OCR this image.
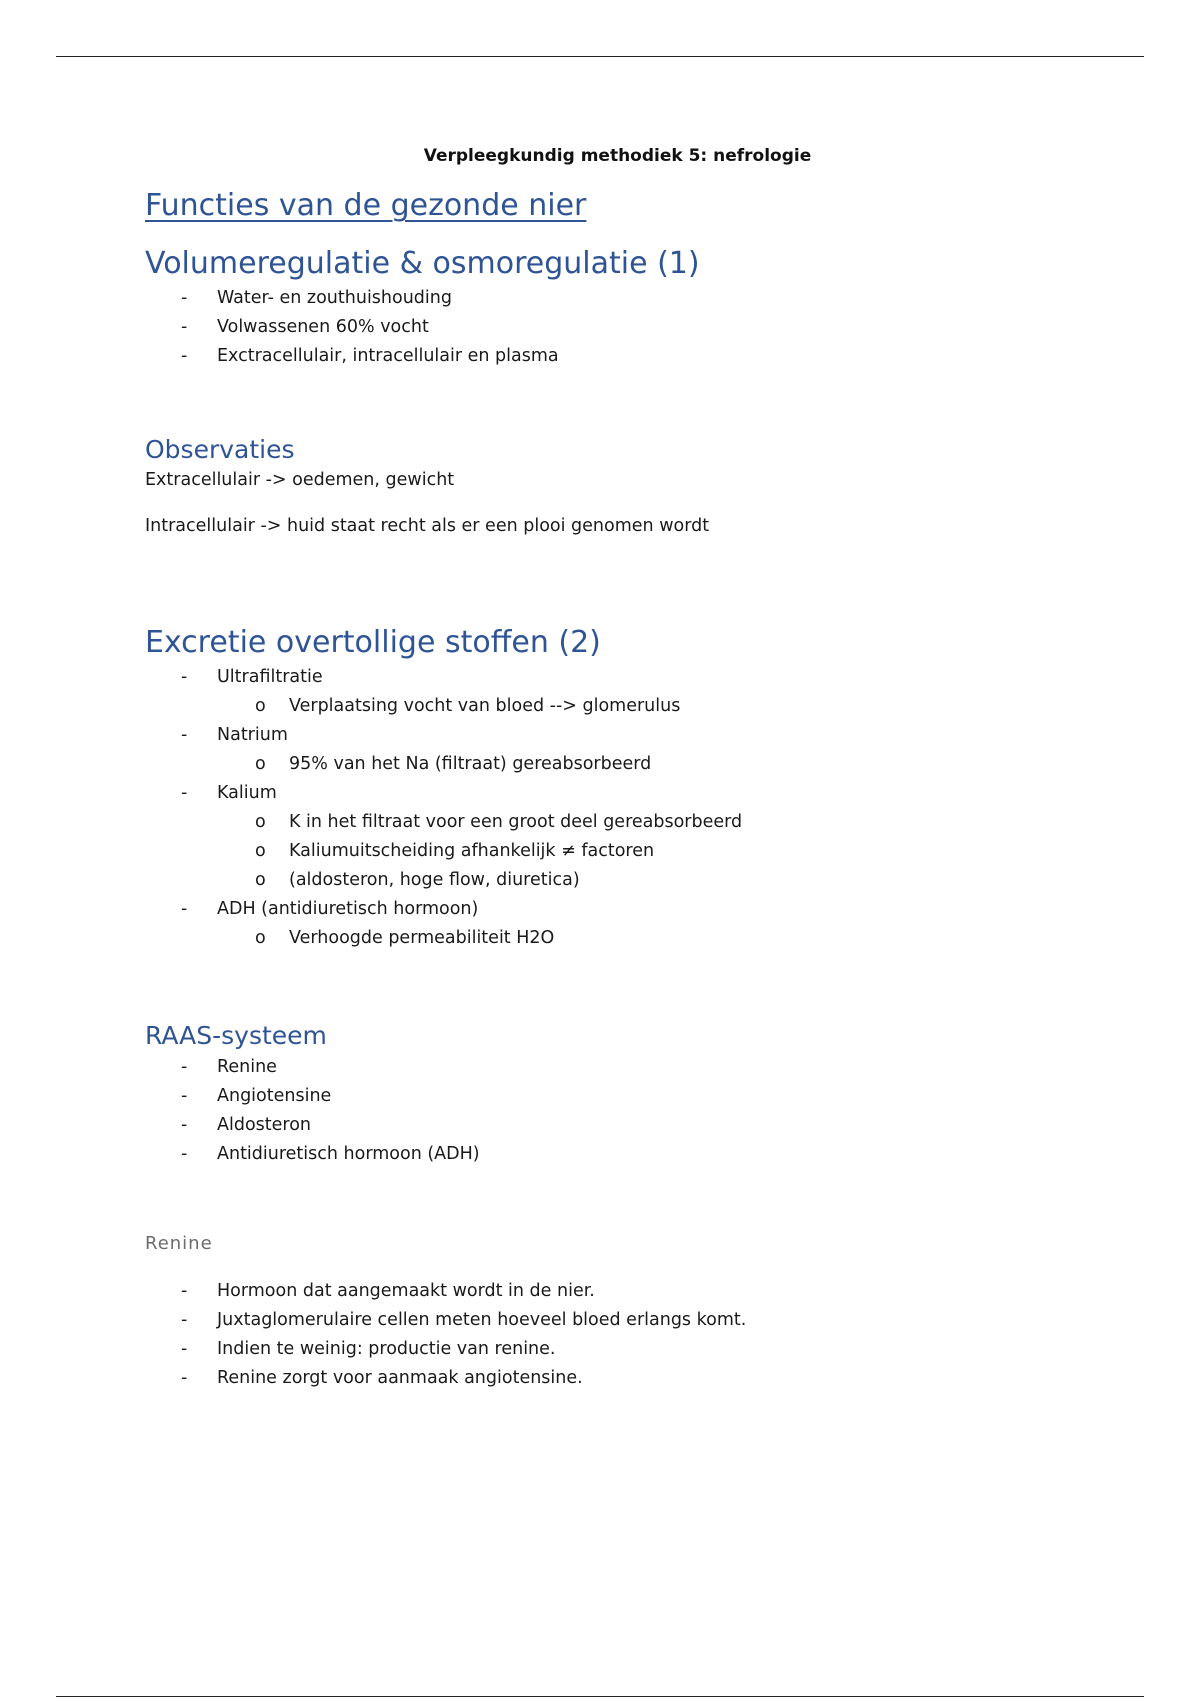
Verpleegkundig methodiek 5: nefrologie
Functies van de gezonde nier
Volumeregulatie & osmoregulatie (1)
- Water- en zouthuishouding
- Volwassenen 60% vocht
- Exctracellulair, intracellulair en plasma
Observaties

Extracellulair -> oedemen, gewicht

Intracellulair -> huid staat recht als er een plooi genomen wordt

Excretie overtollige stoffen (2)
- Ultrafiltratie
o Verplaatsing vocht van bloed --> glomerulus
- Natrium
o 95% van het Na (filtraat) gereabsorbeerd
- Kalium
o K in het filtraat voor een groot deel gereabsorbeerd
o Kaliumuitscheiding afhankelijk ≠ factoren
o (aldosteron, hoge flow, diuretica)
- ADH (antidiuretisch hormoon)
o Verhoogde permeabiliteit H2O
RAAS-systeem
- Renine
- Angiotensine
- Aldosteron
- Antidiuretisch hormoon (ADH)
Renine
- Hormoon dat aangemaakt wordt in de nier.
- Juxtaglomerulaire cellen meten hoeveel bloed erlangs komt.
- Indien te weinig: productie van renine.
- Renine zorgt voor aanmaak angiotensine.
